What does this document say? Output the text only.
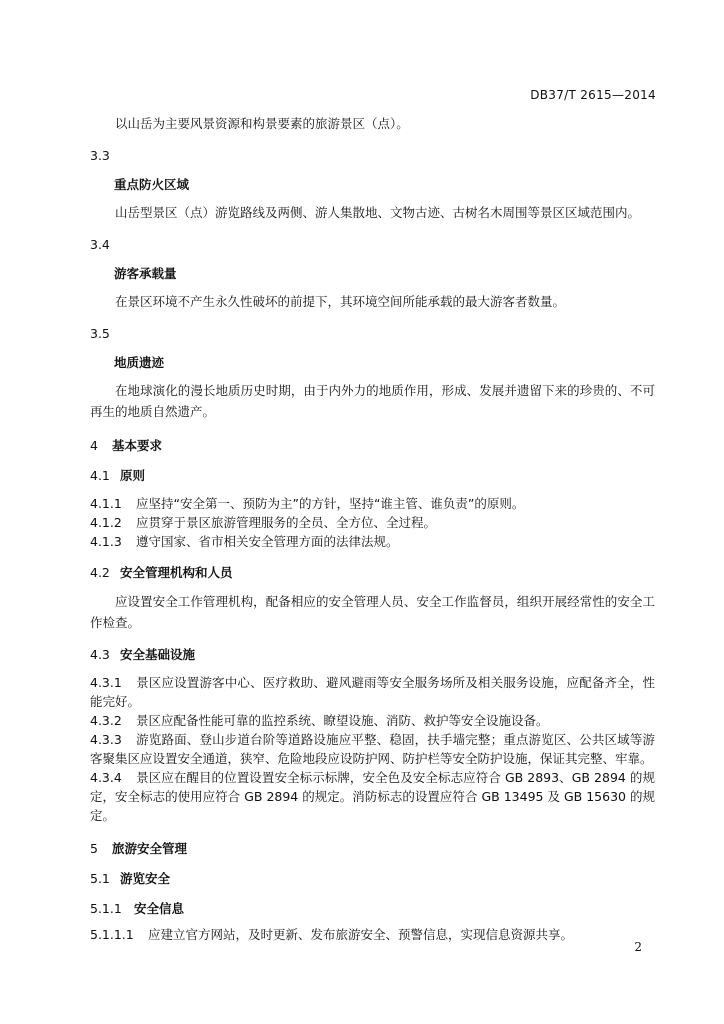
DB37/T 2615—2014

以山岳为主要风景资源和构景要素的旅游景区（点）。

3.3
重点防火区域

山岳型景区（点）游览路线及两侧、游人集散地、文物古迹、古树名木周围等景区区域范围内。

3.4
游客承载量

在景区环境不产生永久性破坏的前提下，其环境空间所能承载的最大游客者数量。

3.5
地质遗迹

在地球演化的漫长地质历史时期，由于内外力的地质作用，形成、发展并遗留下来的珍贵的、不可再生的地质自然遗产。

4 基本要求
4.1 原则

4.1.1 应坚持“安全第一、预防为主”的方针，坚持“谁主管、谁负责”的原则。

4.1.2 应贯穿于景区旅游管理服务的全员、全方位、全过程。

4.1.3 遵守国家、省市相关安全管理方面的法律法规。

4.2 安全管理机构和人员

应设置安全工作管理机构，配备相应的安全管理人员、安全工作监督员，组织开展经常性的安全工作检查。

4.3 安全基础设施

4.3.1 景区应设置游客中心、医疗救助、避风避雨等安全服务场所及相关服务设施，应配备齐全，性能完好。

4.3.2 景区应配备性能可靠的监控系统、瞭望设施、消防、救护等安全设施设备。

4.3.3 游览路面、登山步道台阶等道路设施应平整、稳固，扶手墙完整；重点游览区、公共区域等游客聚集区应设置安全通道，狭窄、危险地段应设防护网、防护栏等安全防护设施，保证其完整、牢靠。

4.3.4 景区应在醒目的位置设置安全标示标牌，安全色及安全标志应符合 GB 2893、GB 2894 的规定，安全标志的使用应符合 GB 2894 的规定。消防标志的设置应符合 GB 13495 及 GB 15630 的规定。

5 旅游安全管理
5.1 游览安全
5.1.1 安全信息

5.1.1.1 应建立官方网站，及时更新、发布旅游安全、预警信息，实现信息资源共享。

2
